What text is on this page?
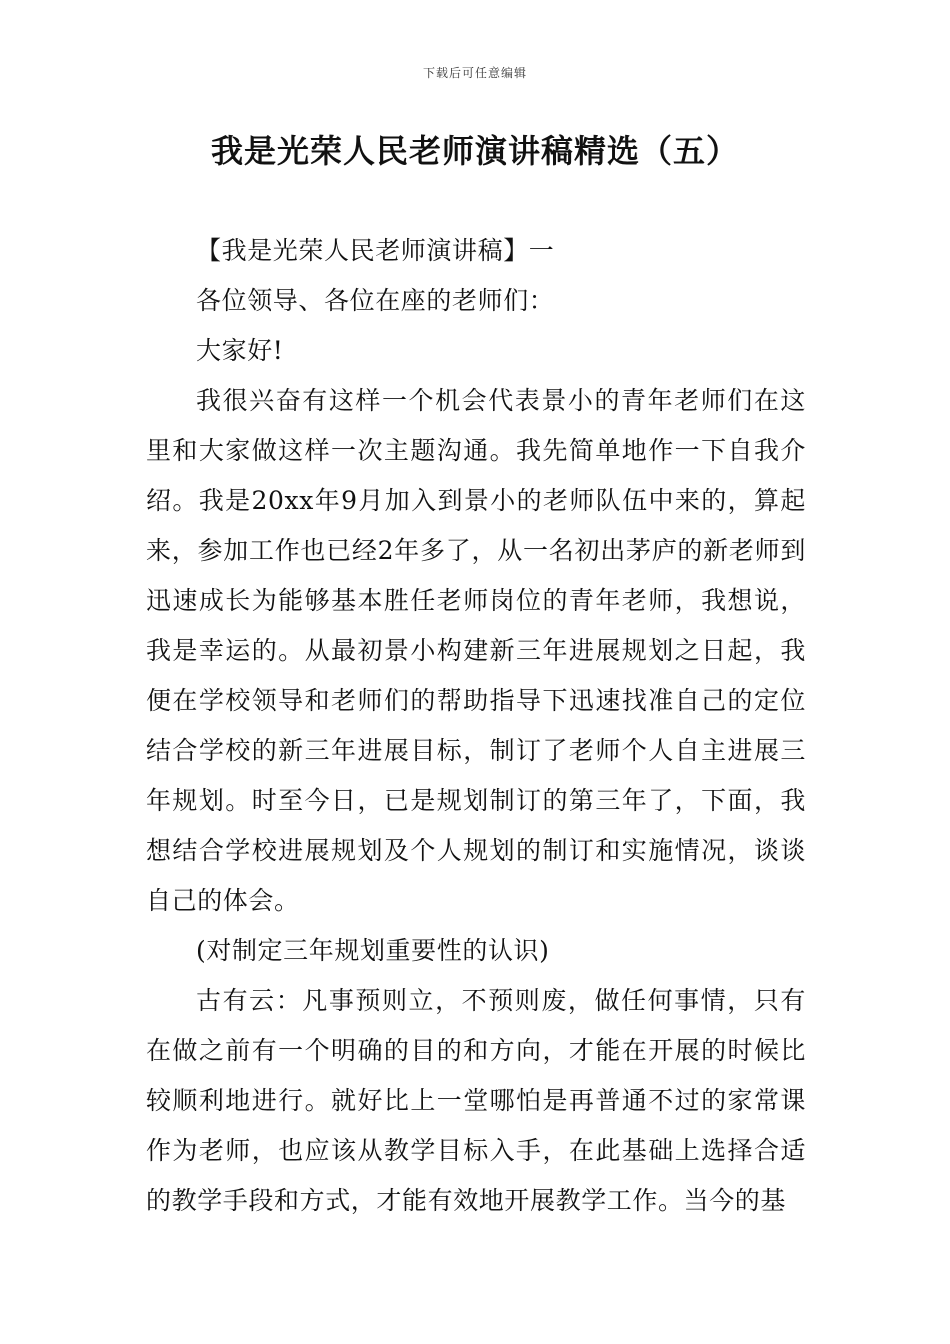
下载后可任意编辑
我是光荣人民老师演讲稿精选（五）

【我是光荣人民老师演讲稿】一

各位领导、各位在座的老师们：

大家好!

我很兴奋有这样一个机会代表景小的青年老师们在这里和大家做这样一次主题沟通。我先简单地作一下自我介绍。我是20xx年9月加入到景小的老师队伍中来的，算起来，参加工作也已经2年多了，从一名初出茅庐的新老师到迅速成长为能够基本胜任老师岗位的青年老师，我想说，我是幸运的。从最初景小构建新三年进展规划之日起，我便在学校领导和老师们的帮助指导下迅速找准自己的定位结合学校的新三年进展目标，制订了老师个人自主进展三年规划。时至今日，已是规划制订的第三年了，下面，我想结合学校进展规划及个人规划的制订和实施情况，谈谈自己的体会。

(对制定三年规划重要性的认识)

古有云：凡事预则立，不预则废，做任何事情，只有在做之前有一个明确的目的和方向，才能在开展的时候比较顺利地进行。就好比上一堂哪怕是再普通不过的家常课作为老师，也应该从教学目标入手，在此基础上选择合适的教学手段和方式，才能有效地开展教学工作。当今的基
